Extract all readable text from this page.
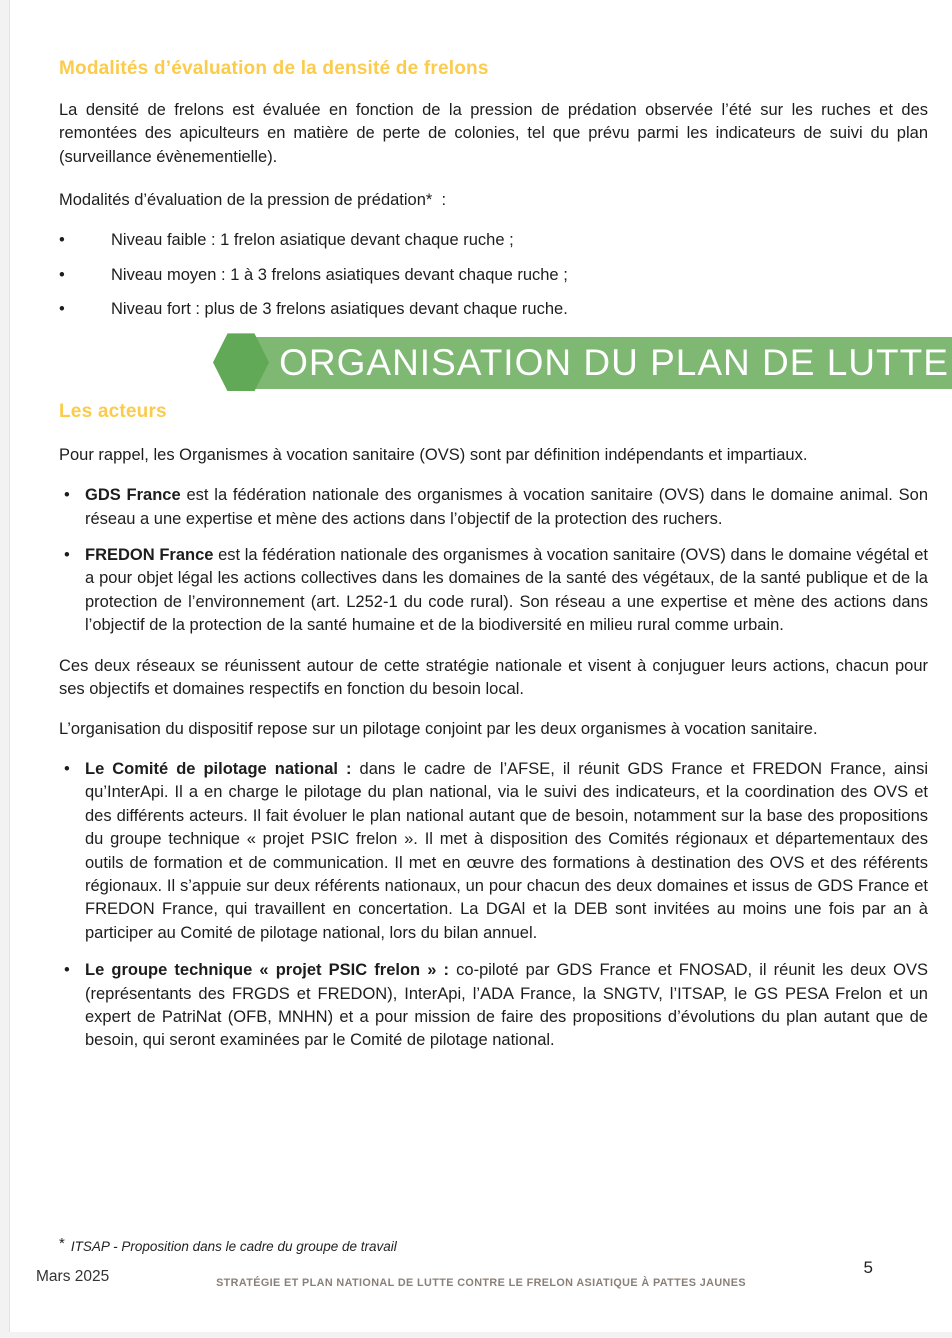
Modalités d’évaluation de la densité de frelons

La densité de frelons est évaluée en fonction de la pression de prédation observée l’été sur les ruches et des remontées des apiculteurs en matière de perte de colonies, tel que prévu parmi les indicateurs de suivi du plan (surveillance évènementielle).

Modalités d’évaluation de la pression de prédation*  :

•	Niveau faible : 1 frelon asiatique devant chaque ruche ;
•	Niveau moyen : 1 à 3 frelons asiatiques devant chaque ruche ;
•	Niveau fort : plus de 3 frelons asiatiques devant chaque ruche.
ORGANISATION DU PLAN DE LUTTE
Les acteurs

Pour rappel, les Organismes à vocation sanitaire (OVS) sont par définition indépendants et impartiaux.

• GDS France est la fédération nationale des organismes à vocation sanitaire (OVS) dans le domaine animal. Son réseau a une expertise et mène des actions dans l’objectif de la protection des ruchers.
• FREDON France est la fédération nationale des organismes à vocation sanitaire (OVS) dans le domaine végétal et a pour objet légal les actions collectives dans les domaines de la santé des végétaux, de la santé publique et de la protection de l’environnement (art. L252-1 du code rural). Son réseau a une expertise et mène des actions dans l’objectif de la protection de la santé humaine et de la biodiversité en milieu rural comme urbain.

Ces deux réseaux se réunissent autour de cette stratégie nationale et visent à conjuguer leurs actions, chacun pour ses objectifs et domaines respectifs en fonction du besoin local.

L’organisation du dispositif repose sur un pilotage conjoint par les deux organismes à vocation sanitaire.

• Le Comité de pilotage national : dans le cadre de l’AFSE, il réunit GDS France et FREDON France, ainsi qu’InterApi. Il a en charge le pilotage du plan national, via le suivi des indicateurs, et la coordination des OVS et des différents acteurs. Il fait évoluer le plan national autant que de besoin, notamment sur la base des propositions du groupe technique « projet PSIC frelon ». Il met à disposition des Comités régionaux et départementaux des outils de formation et de communication. Il met en œuvre des formations à destination des OVS et des référents régionaux. Il s’appuie sur deux référents nationaux, un pour chacun des deux domaines et issus de GDS France et FREDON France, qui travaillent en concertation. La DGAl et la DEB sont invitées au moins une fois par an à participer au Comité de pilotage national, lors du bilan annuel.
• Le groupe technique « projet PSIC frelon » : co-piloté par GDS France et FNOSAD, il réunit les deux OVS (représentants des FRGDS et FREDON), InterApi, l’ADA France, la SNGTV, l’ITSAP, le GS PESA Frelon et un expert de PatriNat (OFB, MNHN) et a pour mission de faire des propositions d’évolutions du plan autant que de besoin, qui seront examinées par le Comité de pilotage national.
* ITSAP - Proposition dans le cadre du groupe de travail
Mars 2025	STRATÉGIE ET PLAN NATIONAL DE LUTTE CONTRE LE FRELON ASIATIQUE À PATTES JAUNES
5
